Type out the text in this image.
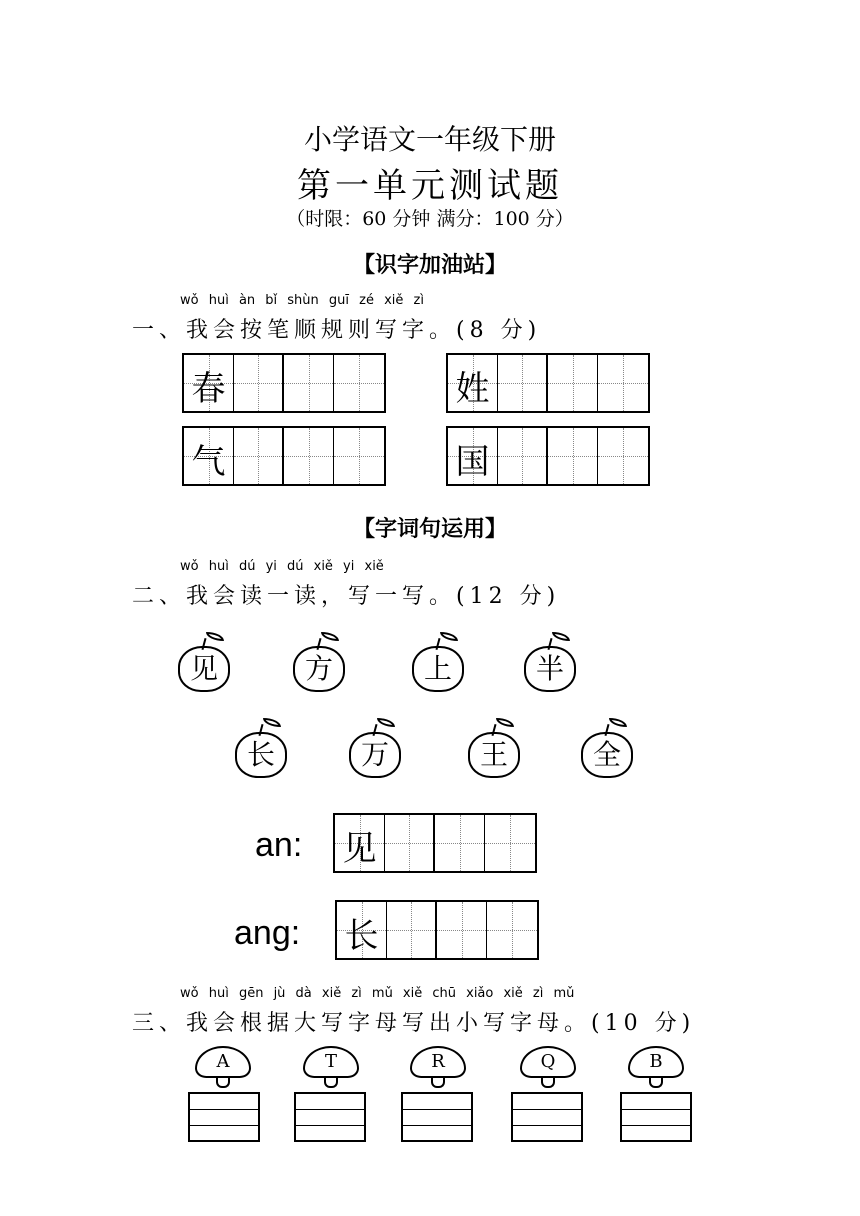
小学语文一年级下册
第一单元测试题
（时限：60 分钟 满分：100 分）
【识字加油站】
wǒ huì àn bǐ shùn guī zé xiě zì
一、我会按笔顺规则写字。(8 分)
春	姓
气	国
【字词句运用】
wǒ huì dú yi dú xiě yi xiě
二、我会读一读，写一写。(12 分)
见	方	上	半
长	万	王	全
an: 见
ang: 长
wǒ huì gēn jù dà xiě zì mǔ xiě chū xiǎo xiě zì mǔ
三、我会根据大写字母写出小写字母。(10 分)
A	T	R	Q	B
